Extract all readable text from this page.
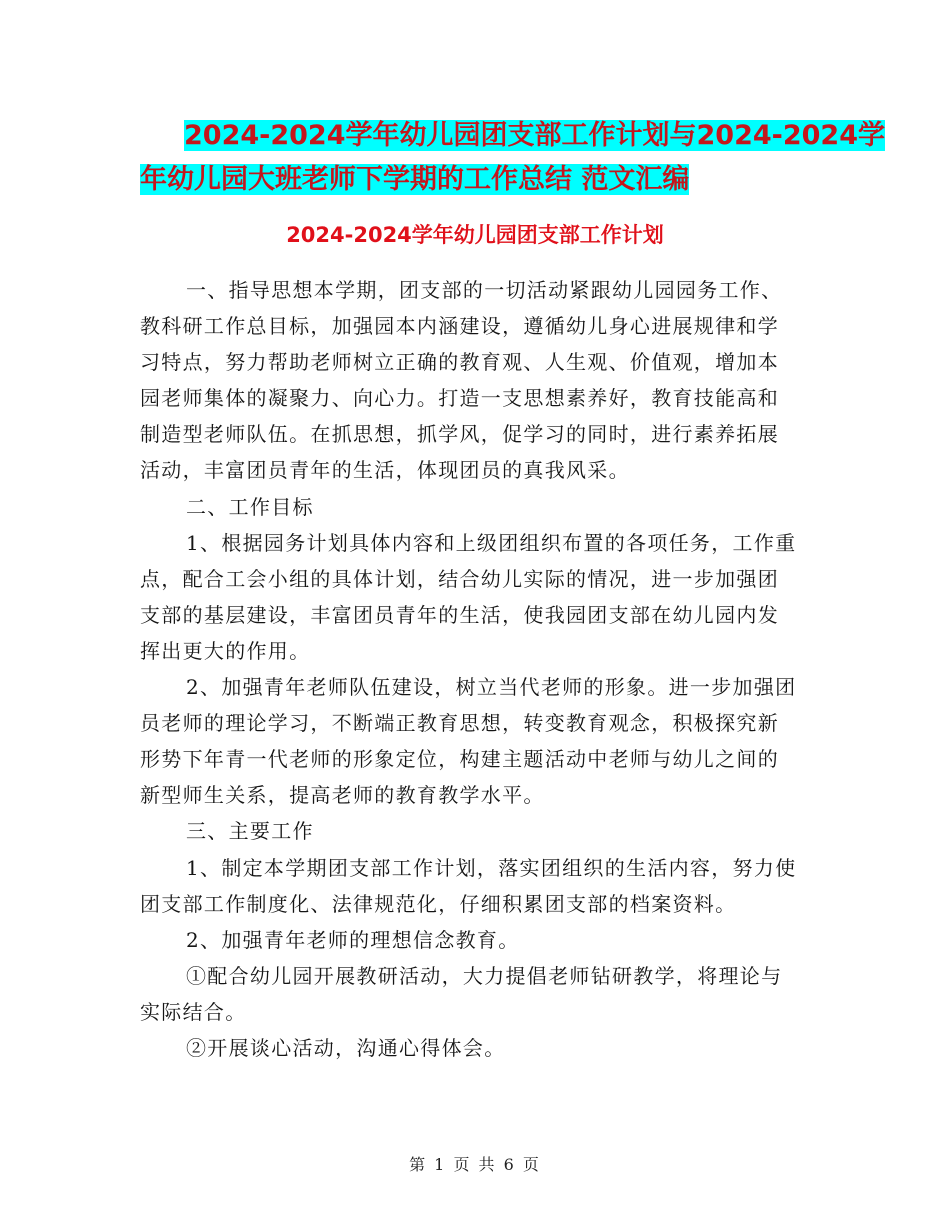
2024-2024学年幼儿园团支部工作计划与2024-2024学
年幼儿园大班老师下学期的工作总结 范文汇编
2024-2024学年幼儿园团支部工作计划
一、指导思想本学期，团支部的一切活动紧跟幼儿园园务工作、
教科研工作总目标，加强园本内涵建设，遵循幼儿身心进展规律和学
习特点，努力帮助老师树立正确的教育观、人生观、价值观，增加本
园老师集体的凝聚力、向心力。打造一支思想素养好，教育技能高和
制造型老师队伍。在抓思想，抓学风，促学习的同时，进行素养拓展
活动，丰富团员青年的生活，体现团员的真我风采。
二、工作目标
1、根据园务计划具体内容和上级团组织布置的各项任务，工作重
点，配合工会小组的具体计划，结合幼儿实际的情况，进一步加强团
支部的基层建设，丰富团员青年的生活，使我园团支部在幼儿园内发
挥出更大的作用。
2、加强青年老师队伍建设，树立当代老师的形象。进一步加强团
员老师的理论学习，不断端正教育思想，转变教育观念，积极探究新
形势下年青一代老师的形象定位，构建主题活动中老师与幼儿之间的
新型师生关系，提高老师的教育教学水平。
三、主要工作
1、制定本学期团支部工作计划，落实团组织的生活内容，努力使
团支部工作制度化、法律规范化，仔细积累团支部的档案资料。
2、加强青年老师的理想信念教育。
①配合幼儿园开展教研活动，大力提倡老师钻研教学，将理论与
实际结合。
②开展谈心活动，沟通心得体会。
第 1 页 共 6 页
